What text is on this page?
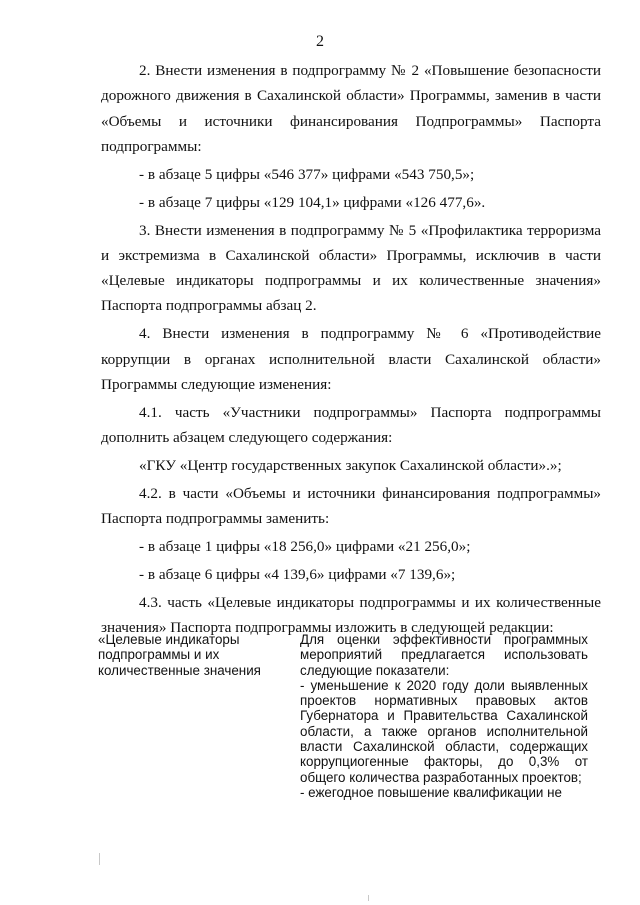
2

2. Внести изменения в подпрограмму № 2 «Повышение безопасности дорожного движения в Сахалинской области» Программы, заменив в части «Объемы и источники финансирования Подпрограммы» Паспорта подпрограммы:

- в абзаце 5 цифры «546 377» цифрами «543 750,5»;

- в абзаце 7 цифры «129 104,1» цифрами «126 477,6».

3. Внести изменения в подпрограмму № 5 «Профилактика терроризма и экстремизма в Сахалинской области» Программы, исключив в части «Целевые индикаторы подпрограммы и их количественные значения» Паспорта подпрограммы абзац 2.

4. Внести изменения в подпрограмму № 6 «Противодействие коррупции в органах исполнительной власти Сахалинской области» Программы следующие изменения:

4.1. часть «Участники подпрограммы» Паспорта подпрограммы дополнить абзацем следующего содержания:

«ГКУ «Центр государственных закупок Сахалинской области».»;

4.2. в части «Объемы и источники финансирования подпрограммы» Паспорта подпрограммы заменить:

- в абзаце 1 цифры «18 256,0» цифрами «21 256,0»;

- в абзаце 6 цифры «4 139,6» цифрами «7 139,6»;

4.3. часть «Целевые индикаторы подпрограммы и их количественные значения» Паспорта подпрограммы изложить в следующей редакции:

«Целевые индикаторы подпрограммы и их количественные значения

Для оценки эффективности программных мероприятий предлагается использовать следующие показатели:

- уменьшение к 2020 году доли выявленных проектов нормативных правовых актов Губернатора и Правительства Сахалинской области, а также органов исполнительной власти Сахалинской области, содержащих коррупциогенные факторы, до 0,3% от общего количества разработанных проектов;

- ежегодное повышение квалификации не
